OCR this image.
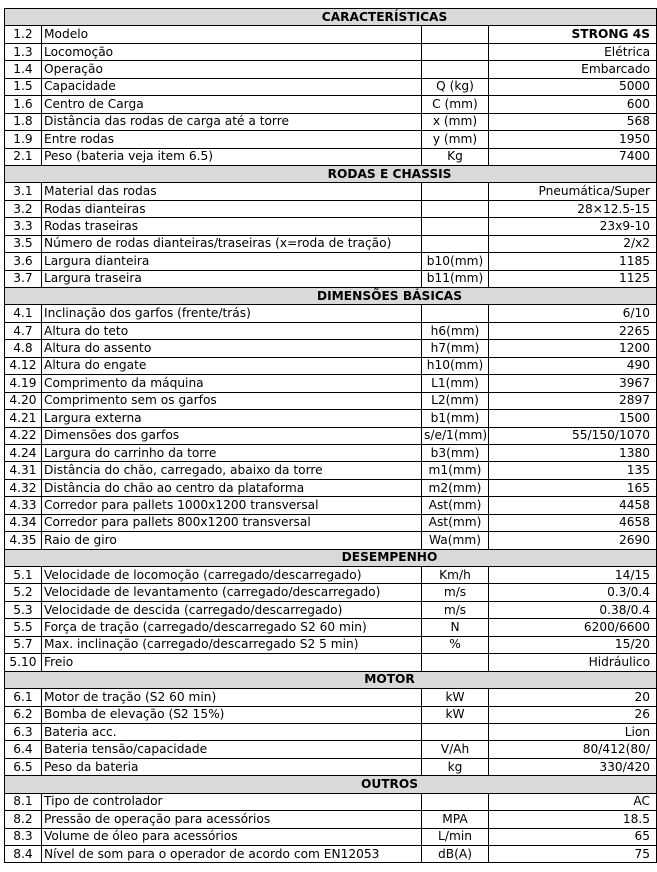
CARACTERÍSTICAS			
1.2	Modelo		STRONG 4S
1.3	Locomoção		Elétrica
1.4	Operação		Embarcado
1.5	Capacidade	Q (kg)	5000
1.6	Centro de Carga	C (mm)	600
1.8	Distância das rodas de carga até a torre	x (mm)	568
1.9	Entre rodas	y (mm)	1950
2.1	Peso (bateria veja item 6.5)	Kg	7400
RODAS E CHASSIS			
3.1	Material das rodas		Pneumática/Super
3.2	Rodas dianteiras		28×12.5-15
3.3	Rodas traseiras		23x9-10
3.5	Número de rodas dianteiras/traseiras (x=roda de tração)		2/x2
3.6	Largura dianteira	b10(mm)	1185
3.7	Largura traseira	b11(mm)	1125
DIMENSÕES BÁSICAS			
4.1	Inclinação dos garfos (frente/trás)		6/10
4.7	Altura do teto	h6(mm)	2265
4.8	Altura do assento	h7(mm)	1200
4.12	Altura do engate	h10(mm)	490
4.19	Comprimento da máquina	L1(mm)	3967
4.20	Comprimento sem os garfos	L2(mm)	2897
4.21	Largura externa	b1(mm)	1500
4.22	Dimensões dos garfos	s/e/1(mm)	55/150/1070
4.24	Largura do carrinho da torre	b3(mm)	1380
4.31	Distância do chão, carregado, abaixo da torre	m1(mm)	135
4.32	Distância do chão ao centro da plataforma	m2(mm)	165
4.33	Corredor para pallets 1000x1200 transversal	Ast(mm)	4458
4.34	Corredor para pallets 800x1200 transversal	Ast(mm)	4658
4.35	Raio de giro	Wa(mm)	2690
DESEMPENHO			
5.1	Velocidade de locomoção (carregado/descarregado)	Km/h	14/15
5.2	Velocidade de levantamento (carregado/descarregado)	m/s	0.3/0.4
5.3	Velocidade de descida (carregado/descarregado)	m/s	0.38/0.4
5.5	Força de tração (carregado/descarregado S2 60 min)	N	6200/6600
5.7	Max. inclinação (carregado/descarregado S2 5 min)	%	15/20
5.10	Freio		Hidráulico
MOTOR			
6.1	Motor de tração (S2 60 min)	kW	20
6.2	Bomba de elevação (S2 15%)	kW	26
6.3	Bateria acc.		Lion
6.4	Bateria tensão/capacidade	V/Ah	80/412(80/
6.5	Peso da bateria	kg	330/420
OUTROS			
8.1	Tipo de controlador		AC
8.2	Pressão de operação para acessórios	MPA	18.5
8.3	Volume de óleo para acessórios	L/min	65
8.4	Nível de som para o operador de acordo com EN12053	dB(A)	75
